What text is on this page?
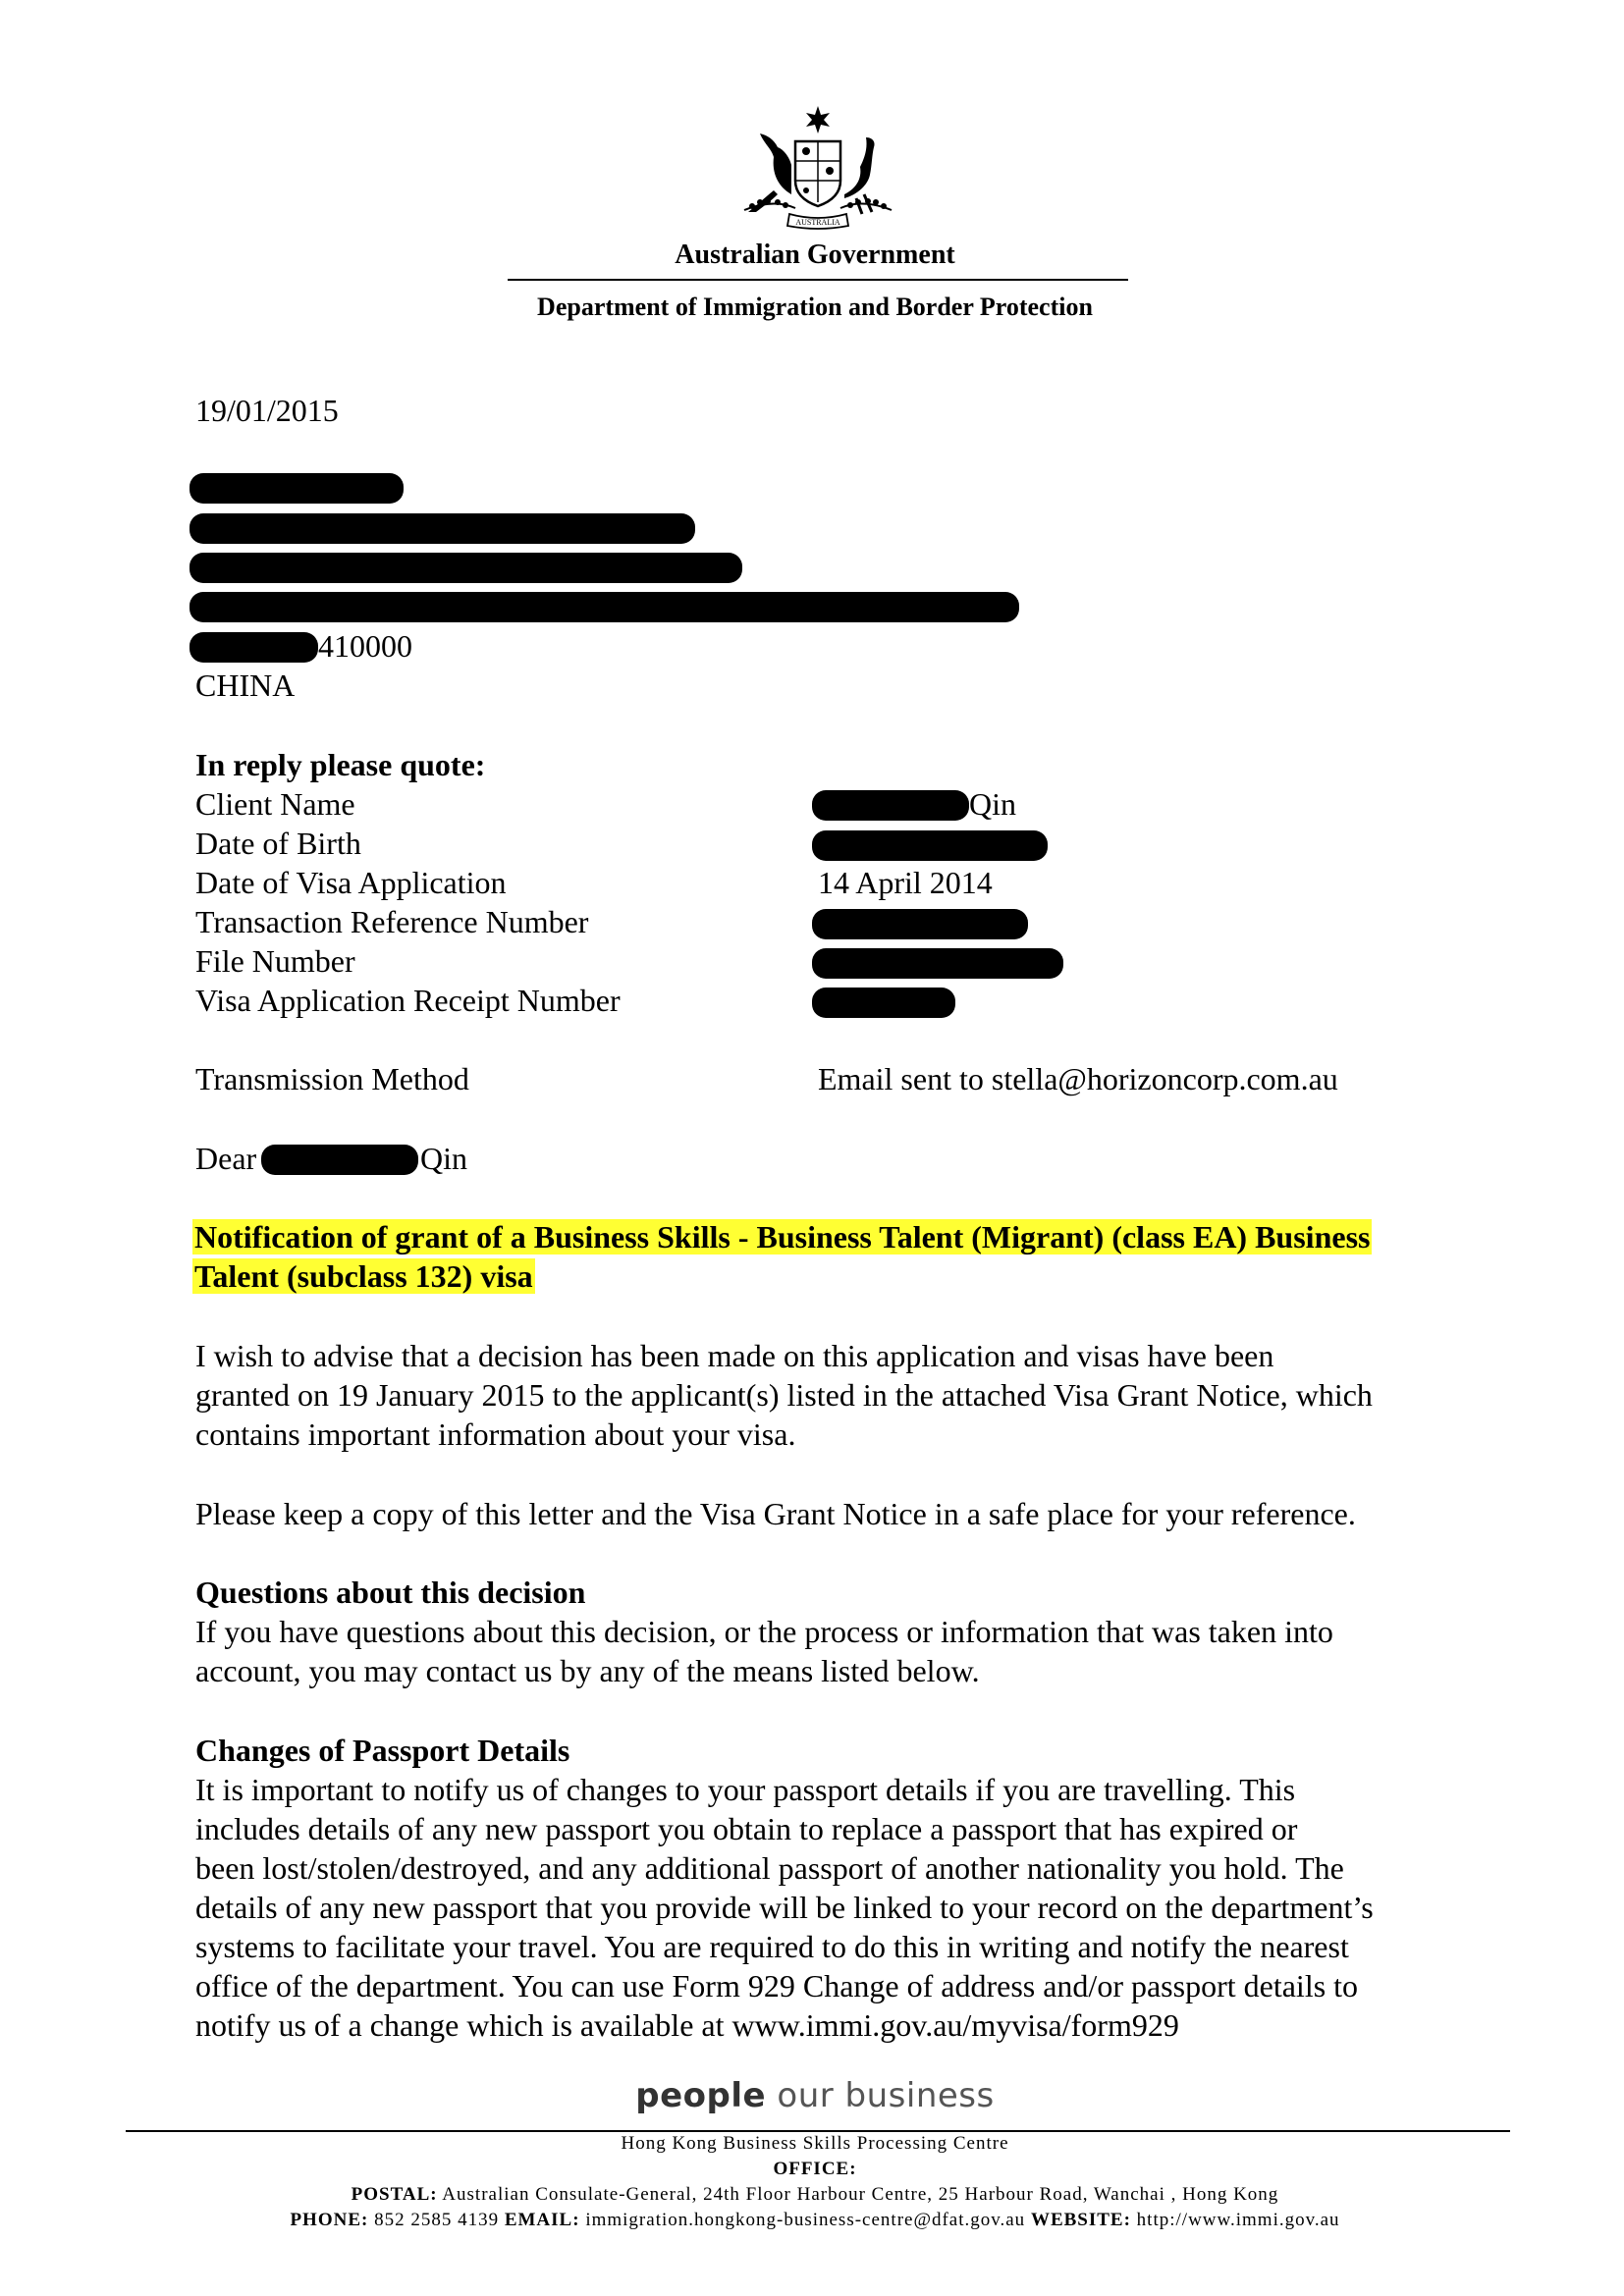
AUSTRALIA
Australian Government
Department of Immigration and Border Protection
19/01/2015
410000
CHINA
In reply please quote:
Client Name	Qin
Date of Birth
Date of Visa Application	14 April 2014
Transaction Reference Number
File Number
Visa Application Receipt Number
Transmission Method	Email sent to stella@horizoncorp.com.au
Dear	Qin
Notification of grant of a Business Skills - Business Talent (Migrant) (class EA) Business
Talent (subclass 132) visa
I wish to advise that a decision has been made on this application and visas have been
granted on 19 January 2015 to the applicant(s) listed in the attached Visa Grant Notice, which
contains important information about your visa.
Please keep a copy of this letter and the Visa Grant Notice in a safe place for your reference.
Questions about this decision
If you have questions about this decision, or the process or information that was taken into
account, you may contact us by any of the means listed below.
Changes of Passport Details
It is important to notify us of changes to your passport details if you are travelling. This
includes details of any new passport you obtain to replace a passport that has expired or
been lost/stolen/destroyed, and any additional passport of another nationality you hold. The
details of any new passport that you provide will be linked to your record on the department’s
systems to facilitate your travel. You are required to do this in writing and notify the nearest
office of the department. You can use Form 929 Change of address and/or passport details to
notify us of a change which is available at www.immi.gov.au/myvisa/form929
people our business
Hong Kong Business Skills Processing Centre
OFFICE:
POSTAL: Australian Consulate-General, 24th Floor Harbour Centre, 25 Harbour Road, Wanchai , Hong Kong
PHONE: 852 2585 4139 EMAIL: immigration.hongkong-business-centre@dfat.gov.au WEBSITE: http://www.immi.gov.au
